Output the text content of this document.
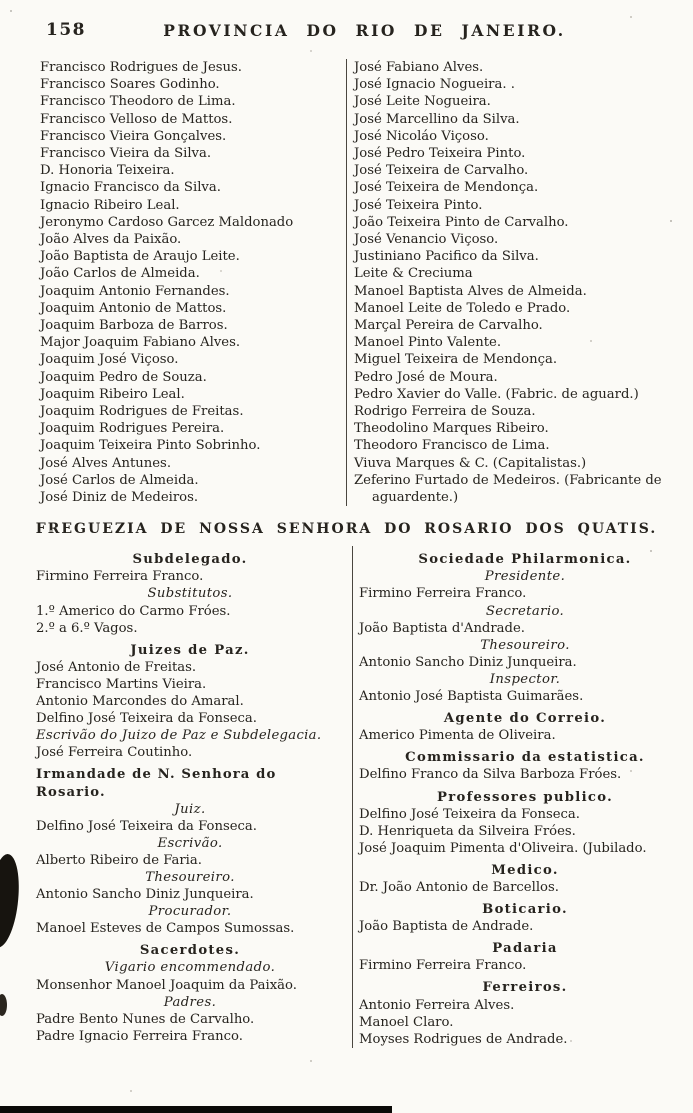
158	PROVINCIA DO RIO DE JANEIRO.
Francisco Rodrigues de Jesus.
Francisco Soares Godinho.
Francisco Theodoro de Lima.
Francisco Velloso de Mattos.
Francisco Vieira Gonçalves.
Francisco Vieira da Silva.
D. Honoria Teixeira.
Ignacio Francisco da Silva.
Ignacio Ribeiro Leal.
Jeronymo Cardoso Garcez Maldonado
João Alves da Paixão.
João Baptista de Araujo Leite.
João Carlos de Almeida.
Joaquim Antonio Fernandes.
Joaquim Antonio de Mattos.
Joaquim Barboza de Barros.
Major Joaquim Fabiano Alves.
Joaquim José Viçoso.
Joaquim Pedro de Souza.
Joaquim Ribeiro Leal.
Joaquim Rodrigues de Freitas.
Joaquim Rodrigues Pereira.
Joaquim Teixeira Pinto Sobrinho.
José Alves Antunes.
José Carlos de Almeida.
José Diniz de Medeiros.
José Fabiano Alves.
José Ignacio Nogueira. .
José Leite Nogueira.
José Marcellino da Silva.
José Nicoláo Viçoso.
José Pedro Teixeira Pinto.
José Teixeira de Carvalho.
José Teixeira de Mendonça.
José Teixeira Pinto.
João Teixeira Pinto de Carvalho.
José Venancio Viçoso.
Justiniano Pacifico da Silva.
Leite & Creciuma
Manoel Baptista Alves de Almeida.
Manoel Leite de Toledo e Prado.
Marçal Pereira de Carvalho.
Manoel Pinto Valente.
Miguel Teixeira de Mendonça.
Pedro José de Moura.
Pedro Xavier do Valle. (Fabric. de aguard.)
Rodrigo Ferreira de Souza.
Theodolino Marques Ribeiro.
Theodoro Francisco de Lima.
Viuva Marques & C. (Capitalistas.)
Zeferino Furtado de Medeiros. (Fabricante de aguardente.)
FREGUEZIA DE NOSSA SENHORA DO ROSARIO DOS QUATIS.
Subdelegado.
Firmino Ferreira Franco.
Substitutos.
1.º Americo do Carmo Fróes.
2.º a 6.º Vagos.
Juizes de Paz.
José Antonio de Freitas.
Francisco Martins Vieira.
Antonio Marcondes do Amaral.
Delfino José Teixeira da Fonseca.
Escrivão do Juizo de Paz e Subdelegacia.
José Ferreira Coutinho.
Irmandade de N. Senhora do Rosario.
Juiz.
Delfino José Teixeira da Fonseca.
Escrivão.
Alberto Ribeiro de Faria.
Thesoureiro.
Antonio Sancho Diniz Junqueira.
Procurador.
Manoel Esteves de Campos Sumossas.
Sacerdotes.
Vigario encommendado.
Monsenhor Manoel Joaquim da Paixão.
Padres.
Padre Bento Nunes de Carvalho.
Padre Ignacio Ferreira Franco.
Sociedade Philarmonica.
Presidente.
Firmino Ferreira Franco.
Secretario.
João Baptista d'Andrade.
Thesoureiro.
Antonio Sancho Diniz Junqueira.
Inspector.
Antonio José Baptista Guimarães.
Agente do Correio.
Americo Pimenta de Oliveira.
Commissario da estatistica.
Delfino Franco da Silva Barboza Fróes.
Professores publico.
Delfino José Teixeira da Fonseca.
D. Henriqueta da Silveira Fróes.
José Joaquim Pimenta d'Oliveira. (Jubilado.
Medico.
Dr. João Antonio de Barcellos.
Boticario.
João Baptista de Andrade.
Padaria
Firmino Ferreira Franco.
Ferreiros.
Antonio Ferreira Alves.
Manoel Claro.
Moyses Rodrigues de Andrade.
